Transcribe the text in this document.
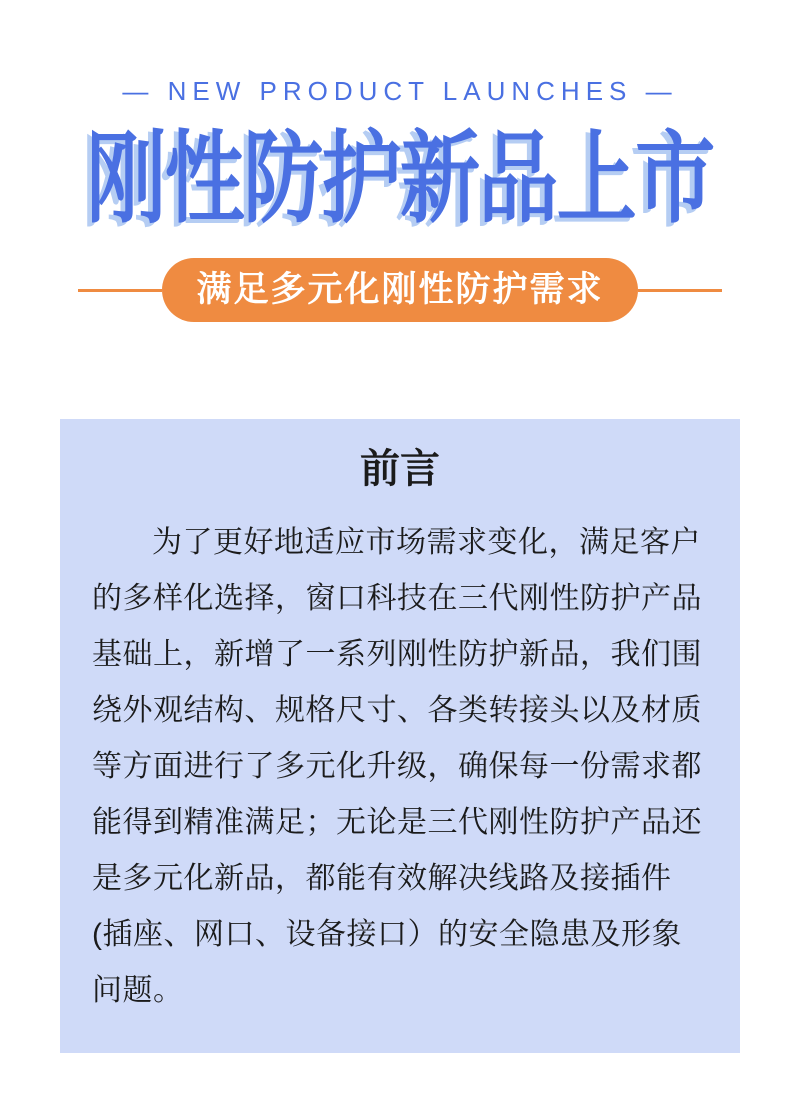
— NEW PRODUCT LAUNCHES —
刚性防护新品上市
满足多元化刚性防护需求
前言

为了更好地适应市场需求变化，满足客户的多样化选择，窗口科技在三代刚性防护产品基础上，新增了一系列刚性防护新品，我们围绕外观结构、规格尺寸、各类转接头以及材质等方面进行了多元化升级，确保每一份需求都能得到精准满足；无论是三代刚性防护产品还是多元化新品，都能有效解决线路及接插件(插座、网口、设备接口）的安全隐患及形象问题。
